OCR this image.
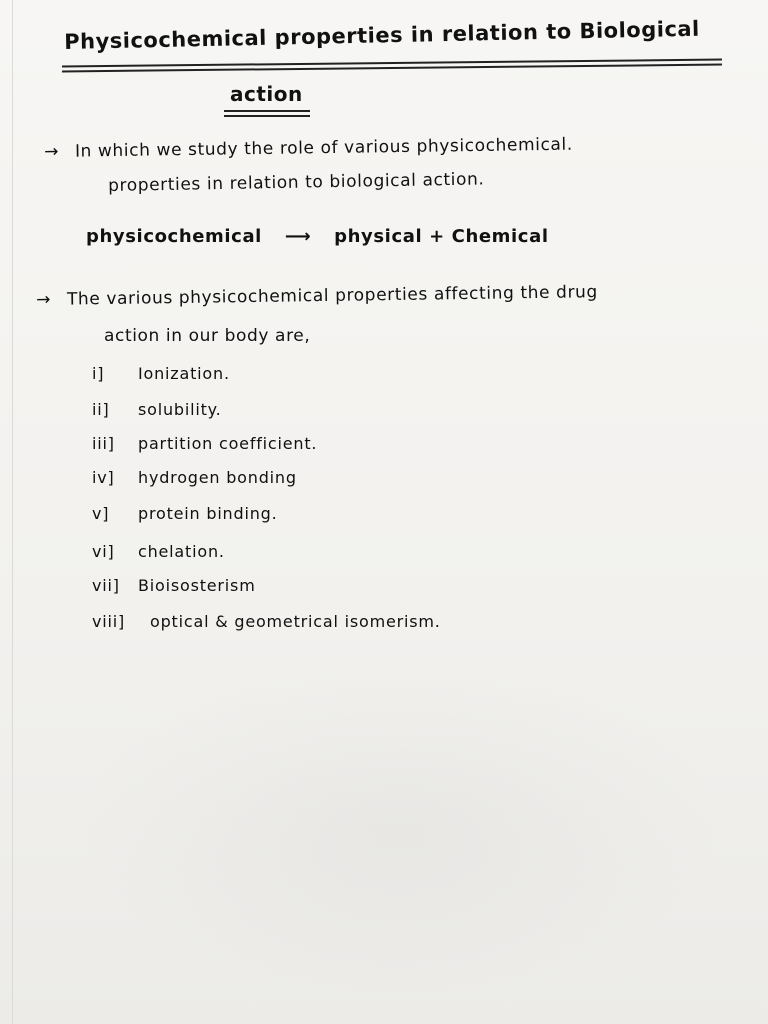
Physicochemical properties in relation to Biological
action
→ In which we study the role of various physicochemical.
properties in relation to biological action.
physicochemical ⟶ physical + Chemical
→ The various physicochemical properties affecting the drug
action in our body are,
i] Ionization.
ii] solubility.
iii] partition coefficient.
iv] hydrogen bonding
v] protein binding.
vi] chelation.
vii] Bioisosterism
viii] optical & geometrical isomerism.
